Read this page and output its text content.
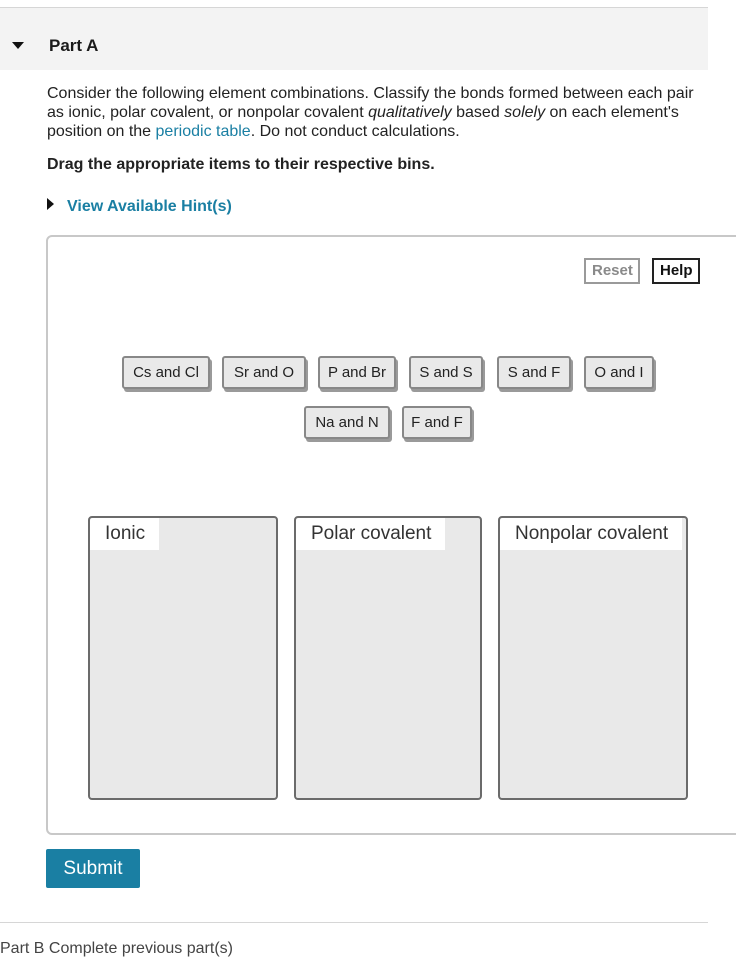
Part A
Consider the following element combinations. Classify the bonds formed between each pair as ionic, polar covalent, or nonpolar covalent qualitatively based solely on each element's position on the periodic table. Do not conduct calculations.
Drag the appropriate items to their respective bins.
View Available Hint(s)
Reset	Help
Cs and Cl	Sr and O	P and Br	S and S	S and F	O and I
Na and N	F and F
Ionic	Polar covalent	Nonpolar covalent
Submit
Part B Complete previous part(s)
